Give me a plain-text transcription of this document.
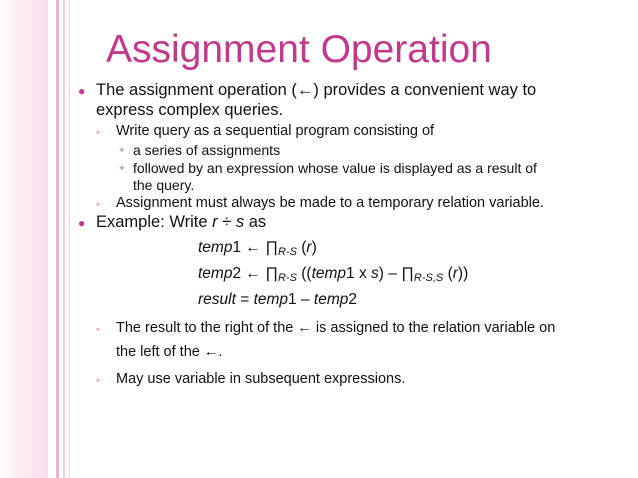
Assignment Operation
● The assignment operation (←) provides a convenient way to
express complex queries.
◦ Write query as a sequential program consisting of
✦ a series of assignments
✦ followed by an expression whose value is displayed as a result of
the query.
◦ Assignment must always be made to a temporary relation variable.
● Example: Write r ÷ s as
temp1 ← $\prod_{R-S}$ (r)
temp2 ← $\prod_{R-S}$ ((temp1 x $s) - \prod_{R-S,S}$ (r))
result = temp1 – temp2
◦ The result to the right of the ← is assigned to the relation variable on
the left of the ←.
◦ May use variable in subsequent expressions.
